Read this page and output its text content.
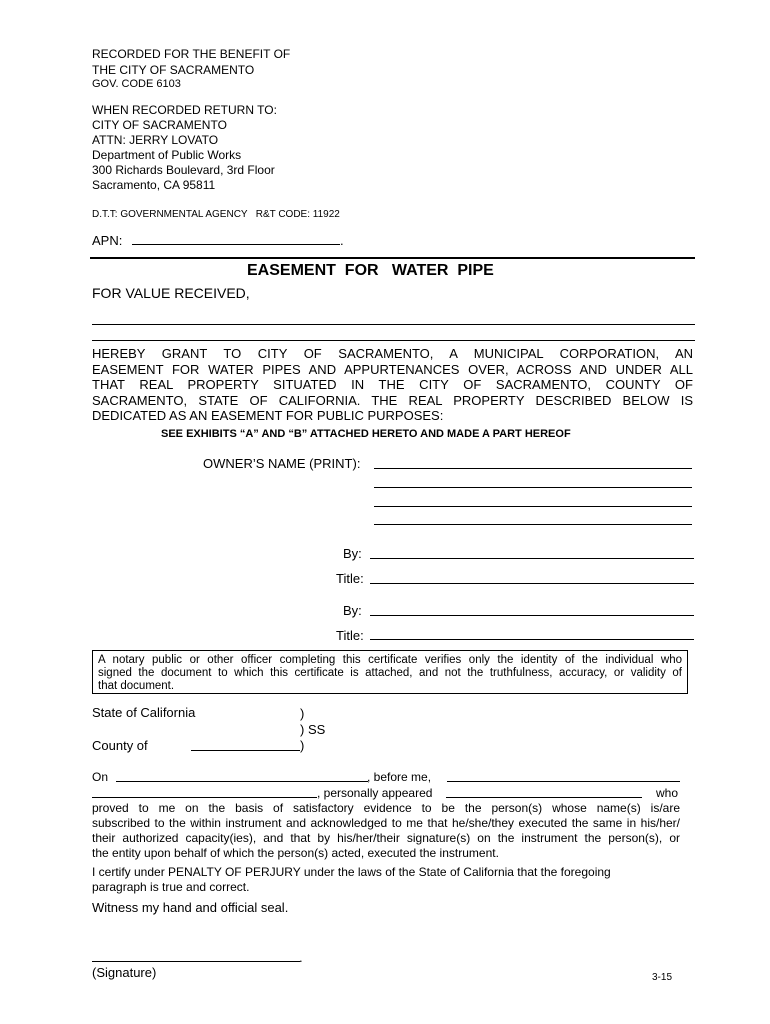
RECORDED FOR THE BENEFIT OF
THE CITY OF SACRAMENTO
GOV. CODE 6103
WHEN RECORDED RETURN TO:
CITY OF SACRAMENTO
ATTN: JERRY LOVATO
Department of Public Works
300 Richards Boulevard, 3rd Floor
Sacramento, CA 95811
D.T.T: GOVERNMENTAL AGENCY   R&T CODE: 11922
APN:	.
EASEMENT  FOR   WATER  PIPE
FOR VALUE RECEIVED,
HEREBY GRANT TO CITY OF SACRAMENTO, A MUNICIPAL CORPORATION, AN
EASEMENT FOR WATER PIPES AND APPURTENANCES OVER, ACROSS AND UNDER ALL
THAT REAL PROPERTY SITUATED IN THE CITY OF SACRAMENTO, COUNTY OF
SACRAMENTO, STATE OF CALIFORNIA. THE REAL PROPERTY DESCRIBED BELOW IS
DEDICATED AS AN EASEMENT FOR PUBLIC PURPOSES:
SEE EXHIBITS “A” AND “B” ATTACHED HERETO AND MADE A PART HEREOF
OWNER’S NAME (PRINT):
By:
Title:
By:
Title:
A notary public or other officer completing this certificate verifies only the identity of the individual who
signed the document to which this certificate is attached, and not the truthfulness, accuracy, or validity of
that document.
State of California	)
) SS
County of	)
On	, before me,
, personally appeared	who
proved to me on the basis of satisfactory evidence to be the person(s) whose name(s) is/are
subscribed to the within instrument and acknowledged to me that he/she/they executed the same in his/her/
their authorized capacity(ies), and that by his/her/their signature(s) on the instrument the person(s), or
the entity upon behalf of which the person(s) acted, executed the instrument.
I certify under PENALTY OF PERJURY under the laws of the State of California that the foregoing
paragraph is true and correct.
Witness my hand and official seal.
.
(Signature)	3-15
